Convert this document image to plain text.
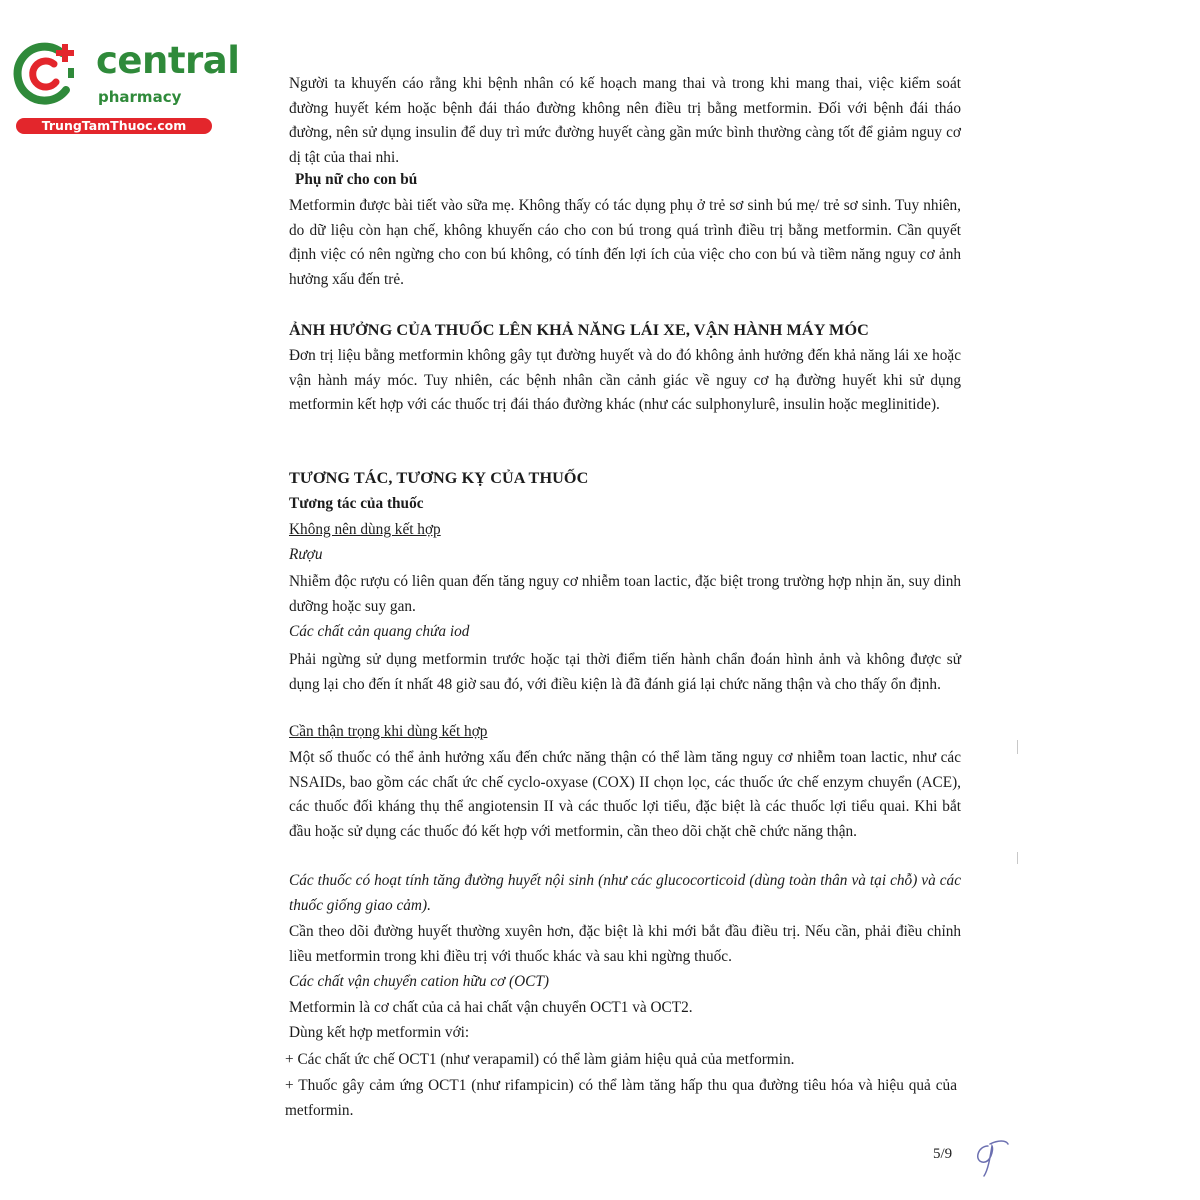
central
pharmacy
TrungTamThuoc.com

Người ta khuyến cáo rằng khi bệnh nhân có kế hoạch mang thai và trong khi mang thai, việc kiểm soát đường huyết kém hoặc bệnh đái tháo đường không nên điều trị bằng metformin. Đối với bệnh đái tháo đường, nên sử dụng insulin để duy trì mức đường huyết càng gần mức bình thường càng tốt để giảm nguy cơ dị tật của thai nhi.

Phụ nữ cho con bú

Metformin được bài tiết vào sữa mẹ. Không thấy có tác dụng phụ ở trẻ sơ sinh bú mẹ/ trẻ sơ sinh. Tuy nhiên, do dữ liệu còn hạn chế, không khuyến cáo cho con bú trong quá trình điều trị bằng metformin. Cần quyết định việc có nên ngừng cho con bú không, có tính đến lợi ích của việc cho con bú và tiềm năng nguy cơ ảnh hưởng xấu đến trẻ.

ẢNH HƯỞNG CỦA THUỐC LÊN KHẢ NĂNG LÁI XE, VẬN HÀNH MÁY MÓC

Đơn trị liệu bằng metformin không gây tụt đường huyết và do đó không ảnh hưởng đến khả năng lái xe hoặc vận hành máy móc. Tuy nhiên, các bệnh nhân cần cảnh giác về nguy cơ hạ đường huyết khi sử dụng metformin kết hợp với các thuốc trị đái tháo đường khác (như các sulphonylurê, insulin hoặc meglinitide).

TƯƠNG TÁC, TƯƠNG KỴ CỦA THUỐC

Tương tác của thuốc

Không nên dùng kết hợp

Rượu

Nhiễm độc rượu có liên quan đến tăng nguy cơ nhiễm toan lactic, đặc biệt trong trường hợp nhịn ăn, suy dinh dưỡng hoặc suy gan.

Các chất cản quang chứa iod

Phải ngừng sử dụng metformin trước hoặc tại thời điểm tiến hành chẩn đoán hình ảnh và không được sử dụng lại cho đến ít nhất 48 giờ sau đó, với điều kiện là đã đánh giá lại chức năng thận và cho thấy ổn định.

Cần thận trọng khi dùng kết hợp

Một số thuốc có thể ảnh hưởng xấu đến chức năng thận có thể làm tăng nguy cơ nhiễm toan lactic, như các NSAIDs, bao gồm các chất ức chế cyclo-oxyase (COX) II chọn lọc, các thuốc ức chế enzym chuyển (ACE), các thuốc đối kháng thụ thể angiotensin II và các thuốc lợi tiểu, đặc biệt là các thuốc lợi tiểu quai. Khi bắt đầu hoặc sử dụng các thuốc đó kết hợp với metformin, cần theo dõi chặt chẽ chức năng thận.

Các thuốc có hoạt tính tăng đường huyết nội sinh (như các glucocorticoid (dùng toàn thân và tại chỗ) và các thuốc giống giao cảm).

Cần theo dõi đường huyết thường xuyên hơn, đặc biệt là khi mới bắt đầu điều trị. Nếu cần, phải điều chỉnh liều metformin trong khi điều trị với thuốc khác và sau khi ngừng thuốc.

Các chất vận chuyển cation hữu cơ (OCT)

Metformin là cơ chất của cả hai chất vận chuyển OCT1 và OCT2.

Dùng kết hợp metformin với:

+ Các chất ức chế OCT1 (như verapamil) có thể làm giảm hiệu quả của metformin.

+ Thuốc gây cảm ứng OCT1 (như rifampicin) có thể làm tăng hấp thu qua đường tiêu hóa và hiệu quả của metformin.

5/9
